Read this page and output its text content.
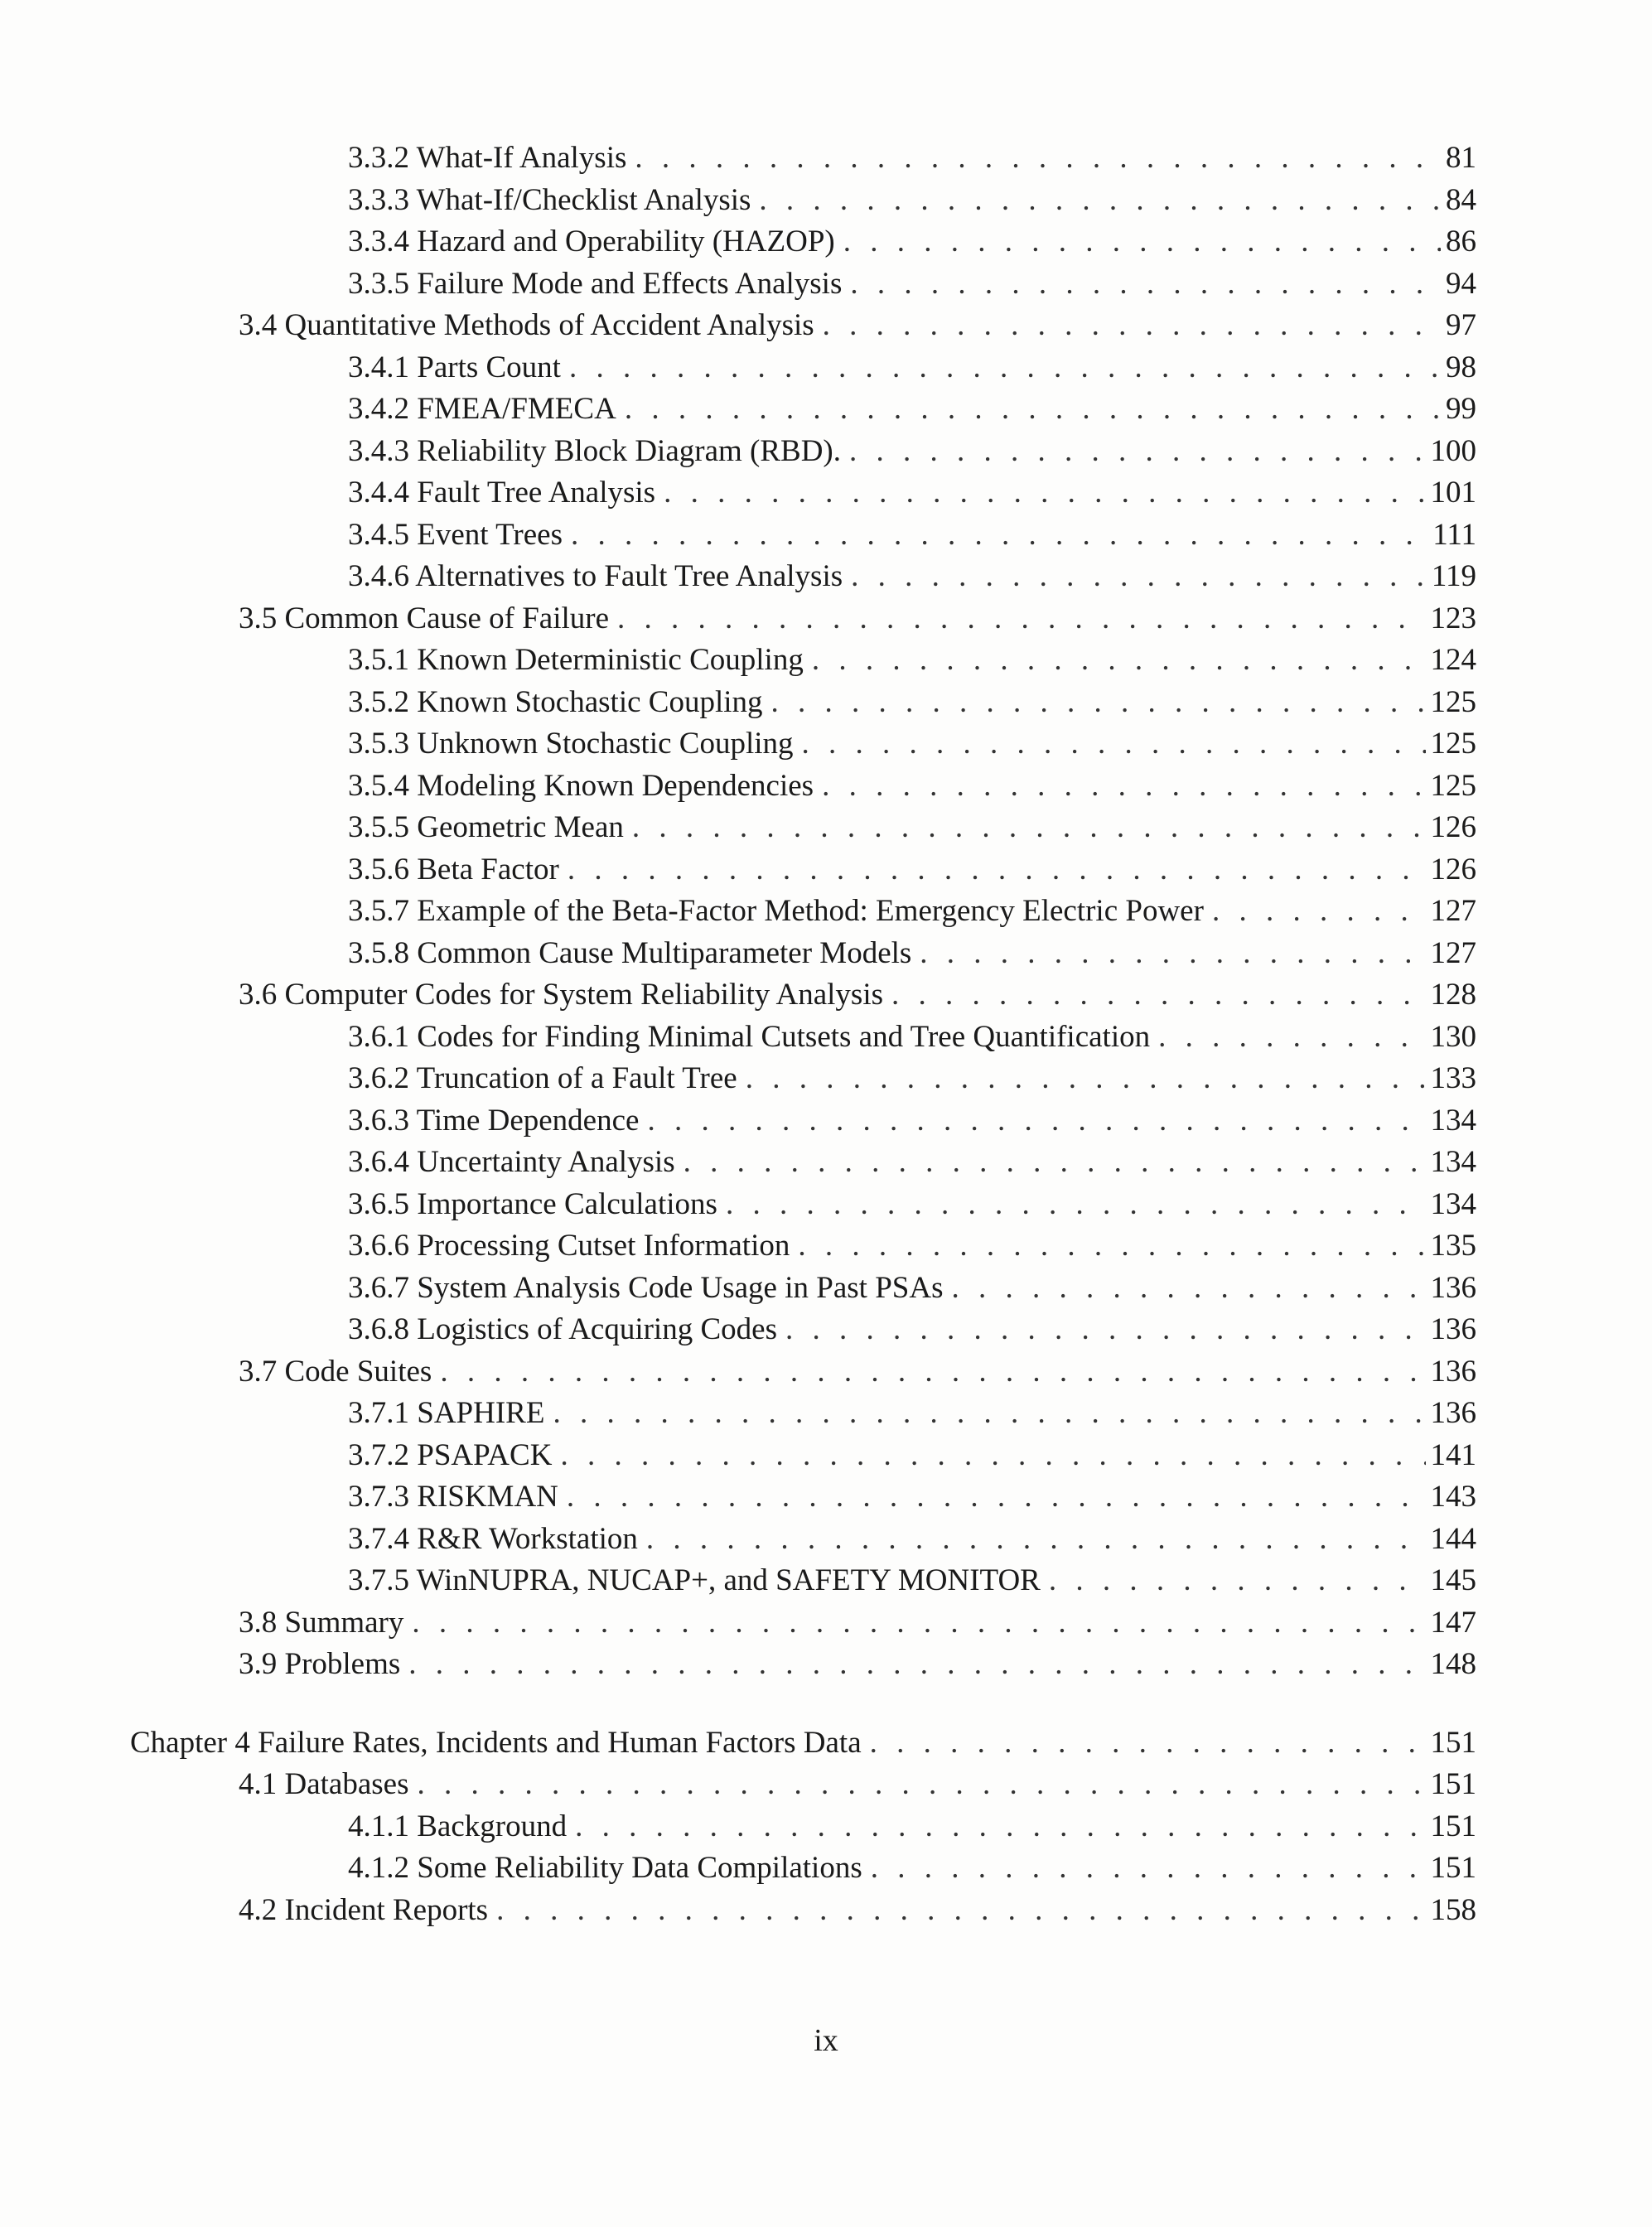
3.3.2 What-If Analysis . . .	81
3.3.3 What-If/Checklist Analysis . . .	84
3.3.4 Hazard and Operability (HAZOP) . . .	86
3.3.5 Failure Mode and Effects Analysis . . .	94
3.4 Quantitative Methods of Accident Analysis . . .	97
3.4.1 Parts Count . . .	98
3.4.2 FMEA/FMECA . . .	99
3.4.3 Reliability Block Diagram (RBD). . . .	100
3.4.4 Fault Tree Analysis . . .	101
3.4.5 Event Trees . . .	111
3.4.6 Alternatives to Fault Tree Analysis . . .	119
3.5 Common Cause of Failure . . .	123
3.5.1 Known Deterministic Coupling . . .	124
3.5.2 Known Stochastic Coupling . . .	125
3.5.3 Unknown Stochastic Coupling . . .	125
3.5.4 Modeling Known Dependencies . . .	125
3.5.5 Geometric Mean . . .	126
3.5.6 Beta Factor . . .	126
3.5.7 Example of the Beta-Factor Method: Emergency Electric Power . . .	127
3.5.8 Common Cause Multiparameter Models . . .	127
3.6 Computer Codes for System Reliability Analysis . . .	128
3.6.1 Codes for Finding Minimal Cutsets and Tree Quantification . . .	130
3.6.2 Truncation of a Fault Tree . . .	133
3.6.3 Time Dependence . . .	134
3.6.4 Uncertainty Analysis . . .	134
3.6.5 Importance Calculations . . .	134
3.6.6 Processing Cutset Information . . .	135
3.6.7 System Analysis Code Usage in Past PSAs . . .	136
3.6.8 Logistics of Acquiring Codes . . .	136
3.7 Code Suites . . .	136
3.7.1 SAPHIRE . . .	136
3.7.2 PSAPACK . . .	141
3.7.3 RISKMAN . . .	143
3.7.4 R&R Workstation . . .	144
3.7.5 WinNUPRA, NUCAP+, and SAFETY MONITOR . . .	145
3.8 Summary . . .	147
3.9 Problems . . .	148
Chapter 4 Failure Rates, Incidents and Human Factors Data . . .	151
4.1 Databases . . .	151
4.1.1 Background . . .	151
4.1.2 Some Reliability Data Compilations . . .	151
4.2 Incident Reports . . .	158
ix
